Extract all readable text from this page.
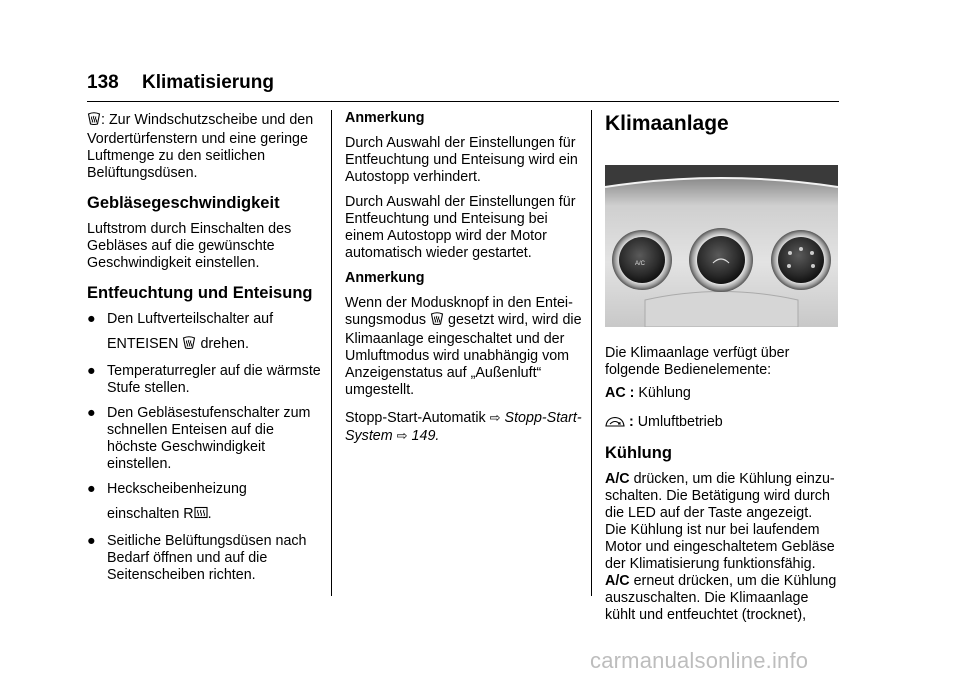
138 Klimatisierung

: Zur Windschutzscheibe und den Vordertürfenstern und eine geringe Luftmenge zu den seitlichen Belüftungsdüsen.

Gebläsegeschwindigkeit

Luftstrom durch Einschalten des Gebläses auf die gewünschte Geschwindigkeit einstellen.

Entfeuchtung und Enteisung
● Den Luftverteilschalter auf
ENTEISEN drehen.
● Temperaturregler auf die wärmste Stufe stellen.
● Den Gebläsestufenschalter zum schnellen Enteisen auf die höchste Geschwindigkeit einstellen.
● Heckscheibenheizung
einschalten R .
● Seitliche Belüftungsdüsen nach Bedarf öffnen und auf die Seitenscheiben richten.

Anmerkung

Durch Auswahl der Einstellungen für Entfeuchtung und Enteisung wird ein Autostopp verhindert.

Durch Auswahl der Einstellungen für Entfeuchtung und Enteisung bei einem Autostopp wird der Motor automatisch wieder gestartet.

Anmerkung

Wenn der Modusknopf in den Entei-sungsmodus gesetzt wird, wird die Klimaanlage eingeschaltet und der Umluftmodus wird unabhängig vom Anzeigenstatus auf „Außenluft“ umgestellt.

Stopp-Start-Automatik ⇨ Stopp-Start-System ⇨ 149.

Klimaanlage
A/C

Die Klimaanlage verfügt über folgende Bedienelemente:

AC : Kühlung

: Umluftbetrieb

Kühlung

A/C drücken, um die Kühlung einzu-schalten. Die Betätigung wird durch die LED auf der Taste angezeigt.

Die Kühlung ist nur bei laufendem Motor und eingeschaltetem Gebläse der Klimatisierung funktionsfähig.

A/C erneut drücken, um die Kühlung auszuschalten. Die Klimaanlage kühlt und entfeuchtet (trocknet),

carmanualsonline.info
